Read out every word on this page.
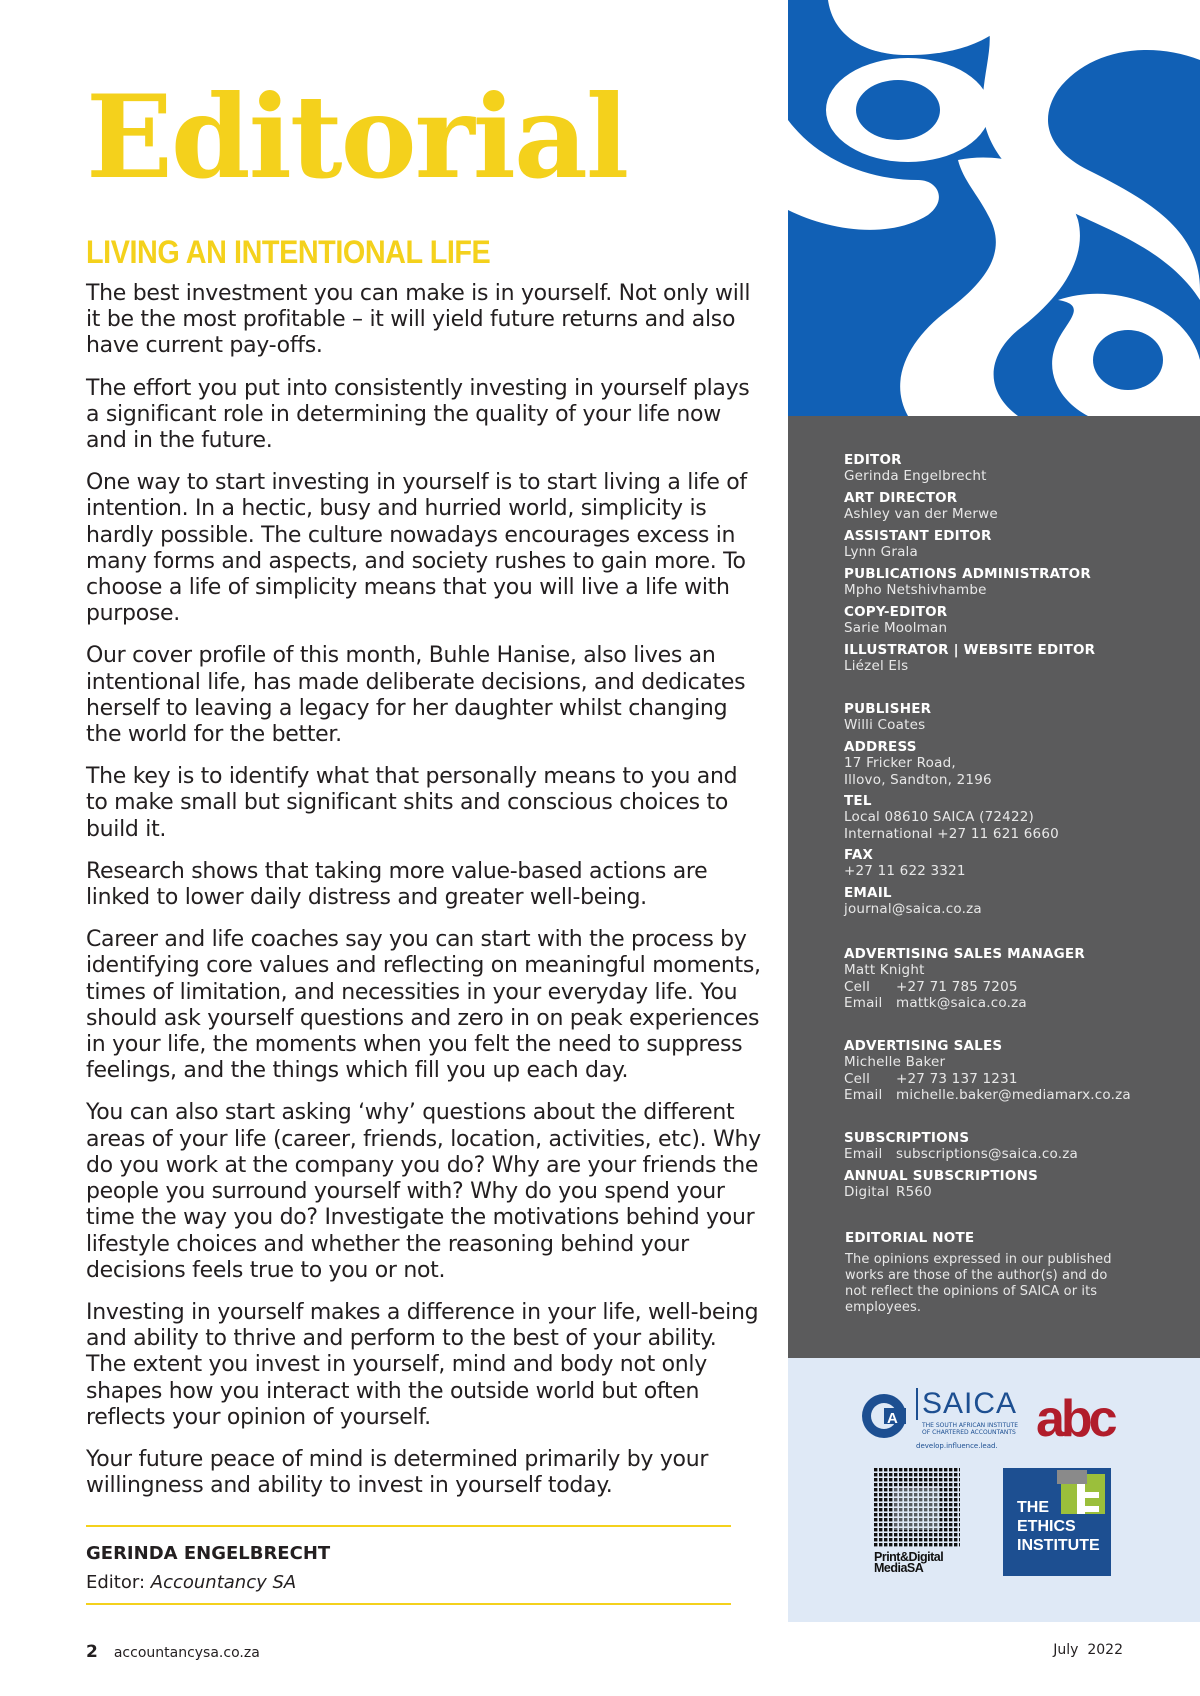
Editorial
LIVING AN INTENTIONAL LIFE

The best investment you can make is in yourself. Not only will it be the most profitable – it will yield future returns and also have current pay-offs.

The effort you put into consistently investing in yourself plays a significant role in determining the quality of your life now and in the future.

One way to start investing in yourself is to start living a life of intention. In a hectic, busy and hurried world, simplicity is hardly possible. The culture nowadays encourages excess in many forms and aspects, and society rushes to gain more. To choose a life of simplicity means that you will live a life with purpose.

Our cover profile of this month, Buhle Hanise, also lives an intentional life, has made deliberate decisions, and dedicates herself to leaving a legacy for her daughter whilst changing the world for the better.

The key is to identify what that personally means to you and to make small but significant shits and conscious choices to build it.

Research shows that taking more value-based actions are linked to lower daily distress and greater well-being.

Career and life coaches say you can start with the process by identifying core values and reflecting on meaningful moments, times of limitation, and necessities in your everyday life. You should ask yourself questions and zero in on peak experiences in your life, the moments when you felt the need to suppress feelings, and the things which fill you up each day.

You can also start asking ‘why’ questions about the different areas of your life (career, friends, location, activities, etc). Why do you work at the company you do? Why are your friends the people you surround yourself with? Why do you spend your time the way you do? Investigate the motivations behind your lifestyle choices and whether the reasoning behind your decisions feels true to you or not.

Investing in yourself makes a difference in your life, well-being and ability to thrive and perform to the best of your ability. The extent you invest in yourself, mind and body not only shapes how you interact with the outside world but often reflects your opinion of yourself.

Your future peace of mind is determined primarily by your willingness and ability to invest in yourself today.

GERINDA ENGELBRECHT
Editor: Accountancy SA
EDITOR
Gerinda Engelbrecht
ART DIRECTOR
Ashley van der Merwe
ASSISTANT EDITOR
Lynn Grala
PUBLICATIONS ADMINISTRATOR
Mpho Netshivhambe
COPY-EDITOR
Sarie Moolman
ILLUSTRATOR | WEBSITE EDITOR
Liézel Els
PUBLISHER
Willi Coates
ADDRESS
17 Fricker Road,
Illovo, Sandton, 2196
TEL
Local 08610 SAICA (72422)
International +27 11 621 6660
FAX
+27 11 622 3321
EMAIL
journal@saica.co.za
ADVERTISING SALES MANAGER
Matt Knight
Cell +27 71 785 7205
Email mattk@saica.co.za
ADVERTISING SALES
Michelle Baker
Cell +27 73 137 1231
Email michelle.baker@mediamarx.co.za
SUBSCRIPTIONS
Email subscriptions@saica.co.za
ANNUAL SUBSCRIPTIONS
Digital R560
EDITORIAL NOTE
The opinions expressed in our published works are those of the author(s) and do not reflect the opinions of SAICA or its employees.
A SAICA
THE SOUTH AFRICAN INSTITUTE
OF CHARTERED ACCOUNTANTS
develop.influence.lead. abc
Print&Digital
MediaSA
THE
ETHICS
INSTITUTE
2 accountancysa.co.za	July  2022
